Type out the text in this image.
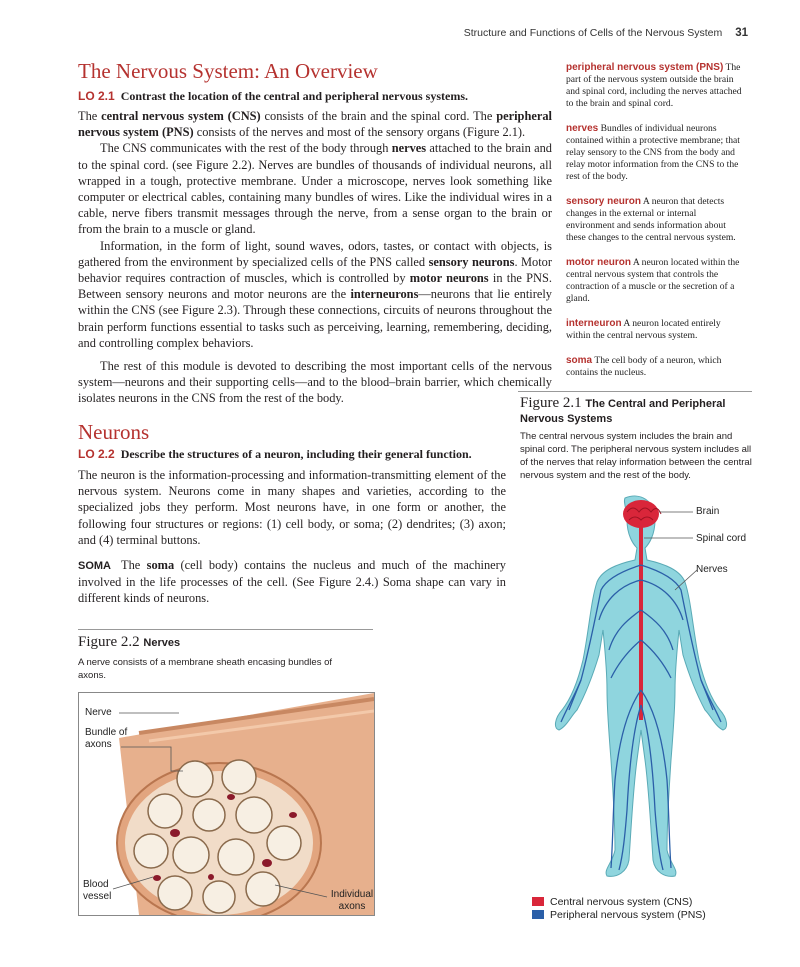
Structure and Functions of Cells of the Nervous System 31
The Nervous System: An Overview
LO 2.1 Contrast the location of the central and peripheral nervous systems.

The central nervous system (CNS) consists of the brain and the spinal cord. The peripheral nervous system (PNS) consists of the nerves and most of the sensory organs (Figure 2.1).

The CNS communicates with the rest of the body through nerves attached to the brain and to the spinal cord. (see Figure 2.2). Nerves are bundles of thousands of individual neurons, all wrapped in a tough, protective membrane. Under a microscope, nerves look something like computer or electrical cables, containing many bundles of wires. Like the individual wires in a cable, nerve fibers transmit messages through the nerve, from a sense organ to the brain or from the brain to a muscle or gland.

Information, in the form of light, sound waves, odors, tastes, or contact with objects, is gathered from the environment by specialized cells of the PNS called sensory neurons. Motor behavior requires contraction of muscles, which is controlled by motor neurons in the PNS. Between sensory neurons and motor neurons are the interneurons—neurons that lie entirely within the CNS (see Figure 2.3). Through these connections, circuits of neurons throughout the brain perform functions essential to tasks such as perceiving, learning, remembering, deciding, and controlling complex behaviors.

The rest of this module is devoted to describing the most important cells of the nervous system—neurons and their supporting cells—and to the blood–brain barrier, which chemically isolates neurons in the CNS from the rest of the body.

Neurons
LO 2.2 Describe the structures of a neuron, including their general function.

The neuron is the information-processing and information-transmitting element of the nervous system. Neurons come in many shapes and varieties, according to the specialized jobs they perform. Most neurons have, in one form or another, the following four structures or regions: (1) cell body, or soma; (2) dendrites; (3) axon; and (4) terminal buttons.

SOMA The soma (cell body) contains the nucleus and much of the machinery involved in the life processes of the cell. (See Figure 2.4.) Soma shape can vary in different kinds of neurons.

peripheral nervous system (PNS) The part of the nervous system outside the brain and spinal cord, including the nerves attached to the brain and spinal cord.

nerves Bundles of individual neurons contained within a protective membrane; that relay sensory to the CNS from the body and relay motor information from the CNS to the rest of the body.

sensory neuron A neuron that detects changes in the external or internal environment and sends information about these changes to the central nervous system.

motor neuron A neuron located within the central nervous system that controls the contraction of a muscle or the secretion of a gland.

interneuron A neuron located entirely within the central nervous system.

soma The cell body of a neuron, which contains the nucleus.

Figure 2.1 The Central and Peripheral Nervous Systems
The central nervous system includes the brain and spinal cord. The peripheral nervous system includes all of the nerves that relay information between the central nervous system and the rest of the body.
Brain
Spinal cord
Nerves
Central nervous system (CNS)
Peripheral nervous system (PNS)
Figure 2.2 Nerves
A nerve consists of a membrane sheath encasing bundles of axons.
Nerve
Bundle of axons
Blood vessel	Individual axons
